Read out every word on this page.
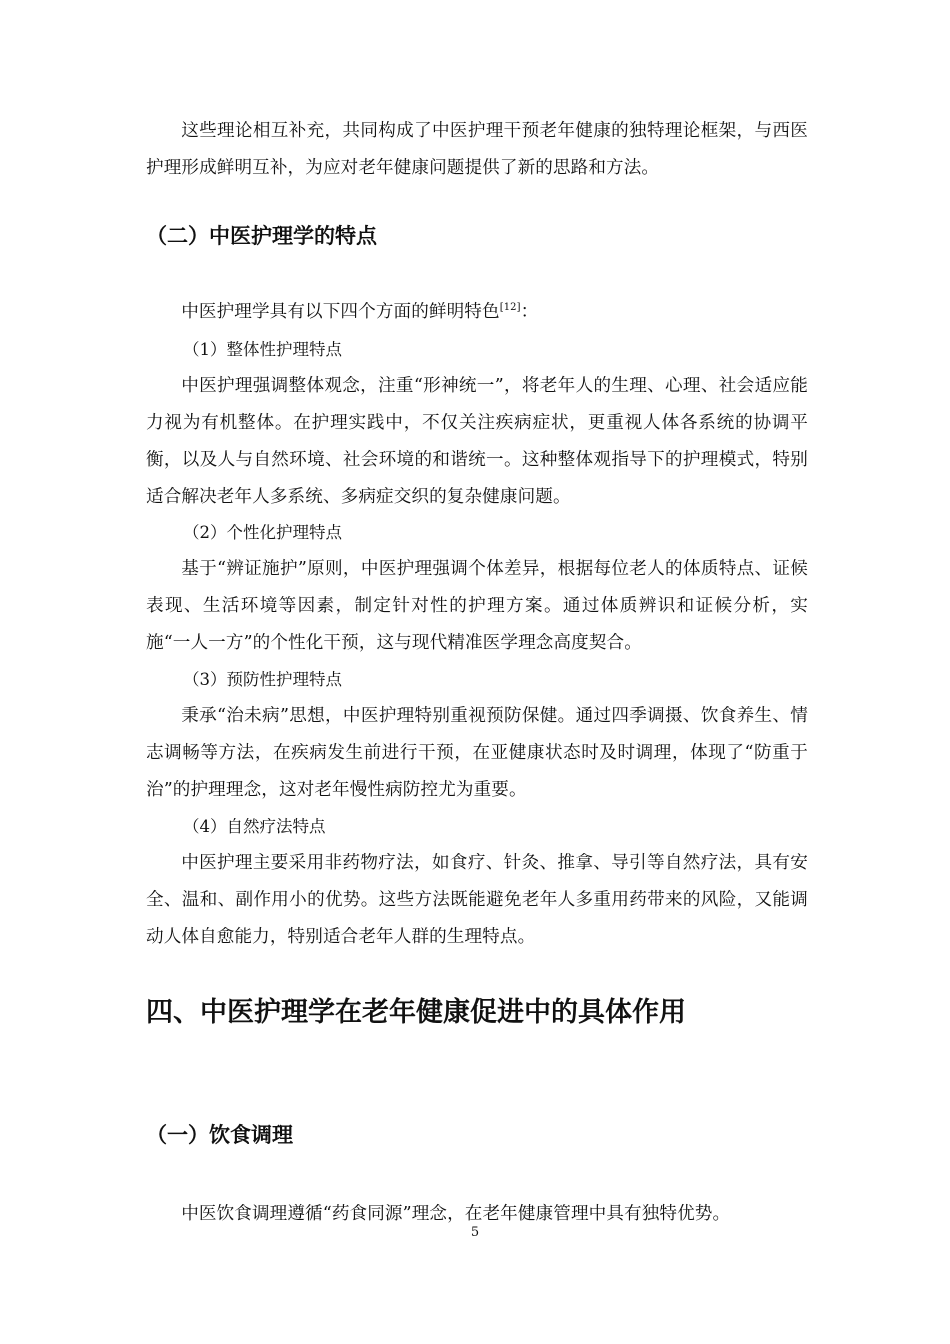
这些理论相互补充，共同构成了中医护理干预老年健康的独特理论框架，与西医护理形成鲜明互补，为应对老年健康问题提供了新的思路和方法。

（二）中医护理学的特点

中医护理学具有以下四个方面的鲜明特色[12]：

（1）整体性护理特点

中医护理强调整体观念，注重“形神统一”，将老年人的生理、心理、社会适应能力视为有机整体。在护理实践中，不仅关注疾病症状，更重视人体各系统的协调平衡，以及人与自然环境、社会环境的和谐统一。这种整体观指导下的护理模式，特别适合解决老年人多系统、多病症交织的复杂健康问题。

（2）个性化护理特点

基于“辨证施护”原则，中医护理强调个体差异，根据每位老人的体质特点、证候表现、生活环境等因素，制定针对性的护理方案。通过体质辨识和证候分析，实施“一人一方”的个性化干预，这与现代精准医学理念高度契合。

（3）预防性护理特点

秉承“治未病”思想，中医护理特别重视预防保健。通过四季调摄、饮食养生、情志调畅等方法，在疾病发生前进行干预，在亚健康状态时及时调理，体现了“防重于治”的护理理念，这对老年慢性病防控尤为重要。

（4）自然疗法特点

中医护理主要采用非药物疗法，如食疗、针灸、推拿、导引等自然疗法，具有安全、温和、副作用小的优势。这些方法既能避免老年人多重用药带来的风险，又能调动人体自愈能力，特别适合老年人群的生理特点。

四、中医护理学在老年健康促进中的具体作用
（一）饮食调理

中医饮食调理遵循“药食同源”理念，在老年健康管理中具有独特优势。

5
